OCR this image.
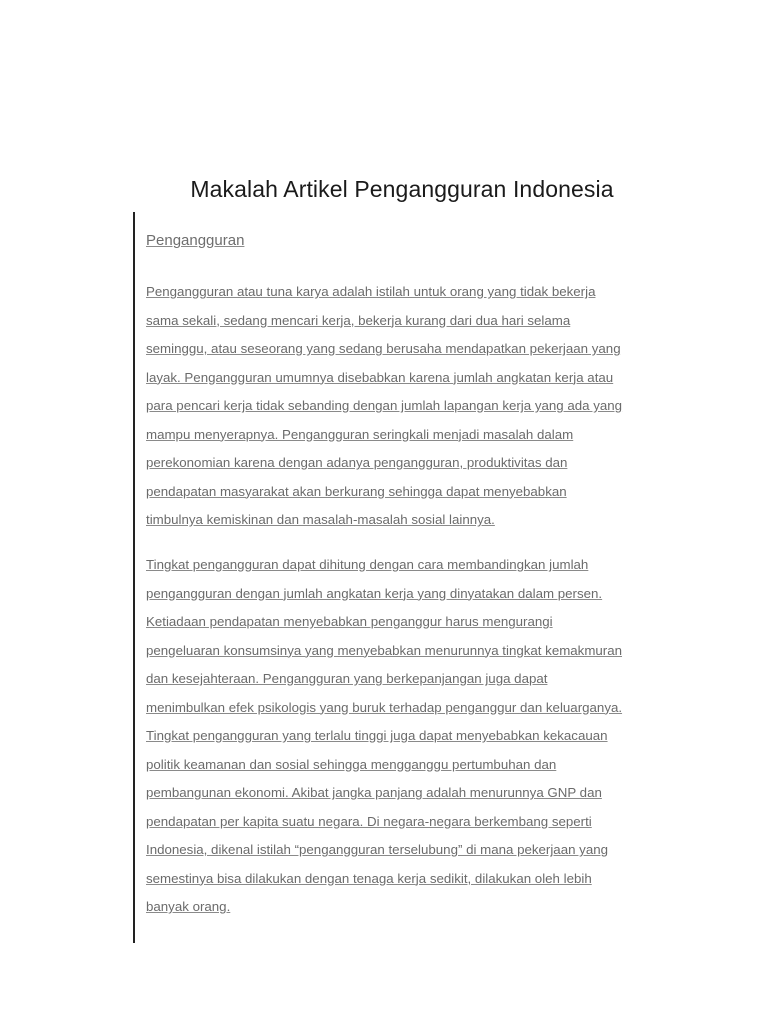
Makalah Artikel Pengangguran Indonesia
Pengangguran
Pengangguran atau tuna karya adalah istilah untuk orang yang tidak bekerja
sama sekali, sedang mencari kerja, bekerja kurang dari dua hari selama
seminggu, atau seseorang yang sedang berusaha mendapatkan pekerjaan yang
layak. Pengangguran umumnya disebabkan karena jumlah angkatan kerja atau
para pencari kerja tidak sebanding dengan jumlah lapangan kerja yang ada yang
mampu menyerapnya. Pengangguran seringkali menjadi masalah dalam
perekonomian karena dengan adanya pengangguran, produktivitas dan
pendapatan masyarakat akan berkurang sehingga dapat menyebabkan
timbulnya kemiskinan dan masalah-masalah sosial lainnya.
Tingkat pengangguran dapat dihitung dengan cara membandingkan jumlah
pengangguran dengan jumlah angkatan kerja yang dinyatakan dalam persen.
Ketiadaan pendapatan menyebabkan penganggur harus mengurangi
pengeluaran konsumsinya yang menyebabkan menurunnya tingkat kemakmuran
dan kesejahteraan. Pengangguran yang berkepanjangan juga dapat
menimbulkan efek psikologis yang buruk terhadap penganggur dan keluarganya.
Tingkat pengangguran yang terlalu tinggi juga dapat menyebabkan kekacauan
politik keamanan dan sosial sehingga mengganggu pertumbuhan dan
pembangunan ekonomi. Akibat jangka panjang adalah menurunnya GNP dan
pendapatan per kapita suatu negara. Di negara-negara berkembang seperti
Indonesia, dikenal istilah “pengangguran terselubung” di mana pekerjaan yang
semestinya bisa dilakukan dengan tenaga kerja sedikit, dilakukan oleh lebih
banyak orang.
